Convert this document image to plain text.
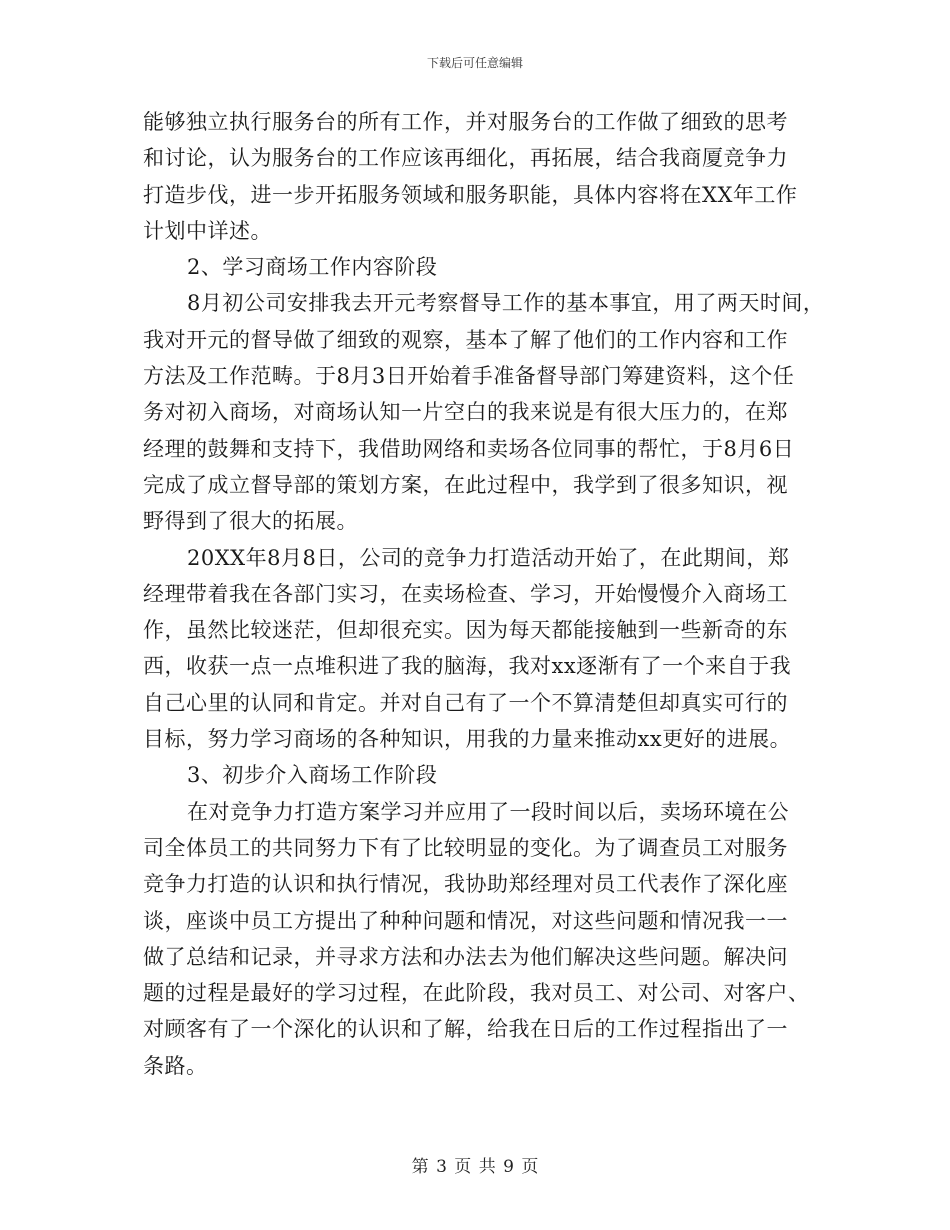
下载后可任意编辑
能够独立执行服务台的所有工作，并对服务台的工作做了细致的思考
和讨论，认为服务台的工作应该再细化，再拓展，结合我商厦竞争力
打造步伐，进一步开拓服务领域和服务职能，具体内容将在XX年工作
计划中详述。
2、学习商场工作内容阶段
8月初公司安排我去开元考察督导工作的基本事宜，用了两天时间，
我对开元的督导做了细致的观察，基本了解了他们的工作内容和工作
方法及工作范畴。于8月3日开始着手准备督导部门筹建资料，这个任
务对初入商场，对商场认知一片空白的我来说是有很大压力的，在郑
经理的鼓舞和支持下，我借助网络和卖场各位同事的帮忙，于8月6日
完成了成立督导部的策划方案，在此过程中，我学到了很多知识，视
野得到了很大的拓展。
20XX年8月8日，公司的竞争力打造活动开始了，在此期间，郑
经理带着我在各部门实习，在卖场检查、学习，开始慢慢介入商场工
作，虽然比较迷茫，但却很充实。因为每天都能接触到一些新奇的东
西，收获一点一点堆积进了我的脑海，我对xx逐渐有了一个来自于我
自己心里的认同和肯定。并对自己有了一个不算清楚但却真实可行的
目标，努力学习商场的各种知识，用我的力量来推动xx更好的进展。
3、初步介入商场工作阶段
在对竞争力打造方案学习并应用了一段时间以后，卖场环境在公
司全体员工的共同努力下有了比较明显的变化。为了调查员工对服务
竞争力打造的认识和执行情况，我协助郑经理对员工代表作了深化座
谈，座谈中员工方提出了种种问题和情况，对这些问题和情况我一一
做了总结和记录，并寻求方法和办法去为他们解决这些问题。解决问
题的过程是最好的学习过程，在此阶段，我对员工、对公司、对客户、
对顾客有了一个深化的认识和了解，给我在日后的工作过程指出了一
条路。
第 3 页 共 9 页
